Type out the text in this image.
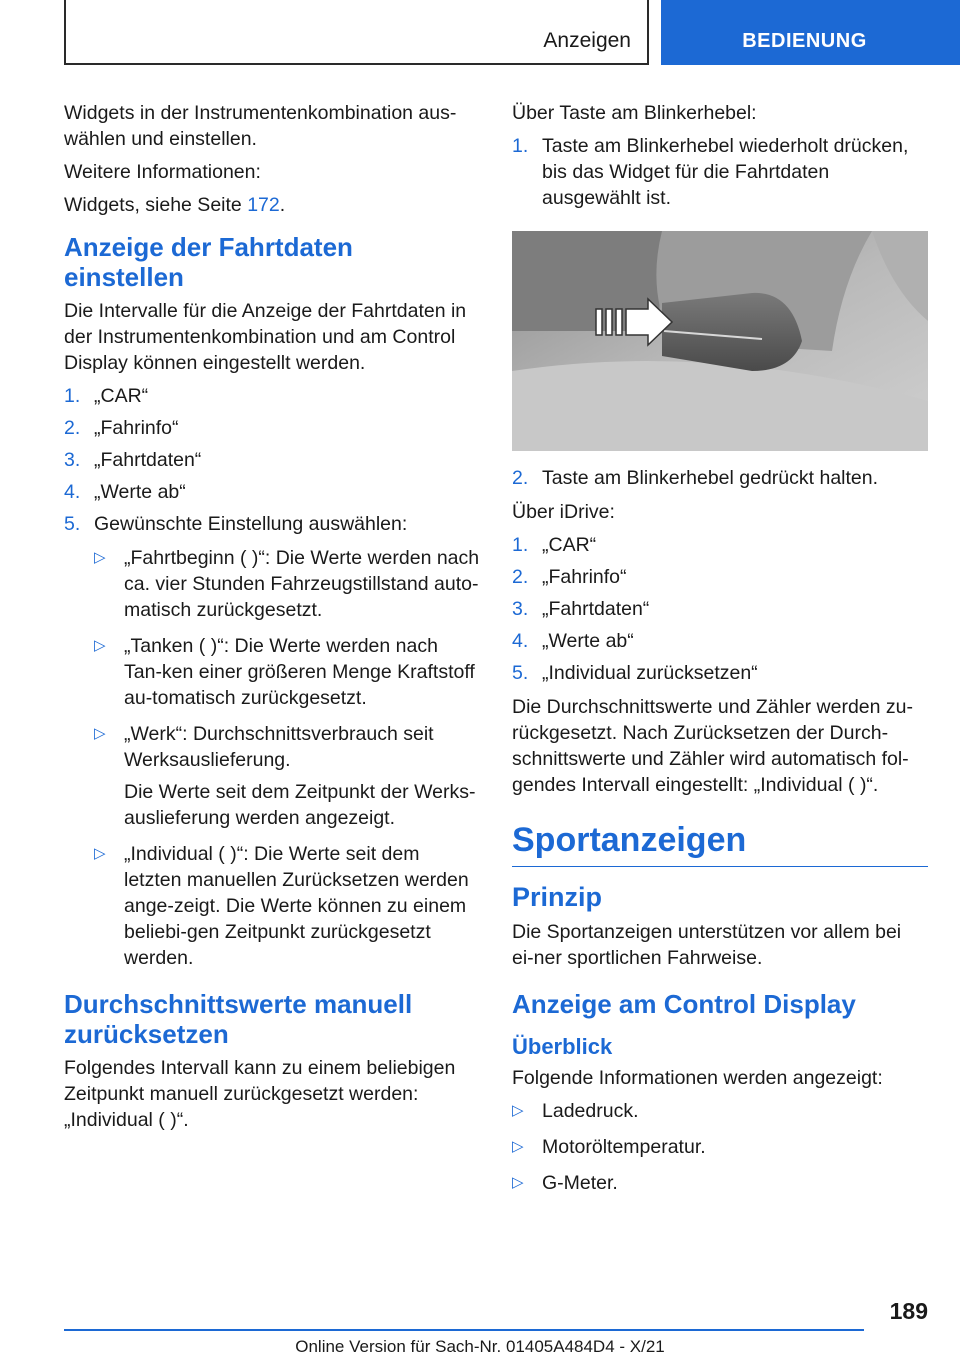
Anzeigen	BEDIENUNG

Widgets in der Instrumentenkombination aus-wählen und einstellen.

Weitere Informationen:

Widgets, siehe Seite 172.

Anzeige der Fahrtdaten einstellen

Die Intervalle für die Anzeige der Fahrtdaten in der Instrumentenkombination und am Control Display können eingestellt werden.

1. „CAR“
2. „Fahrinfo“
3. „Fahrtdaten“
4. „Werte ab“
5. Gewünschte Einstellung auswählen:
▷ „Fahrtbeginn ( )“: Die Werte werden nach ca. vier Stunden Fahrzeugstillstand auto-matisch zurückgesetzt.
▷ „Tanken ( )“: Die Werte werden nach Tan-ken einer größeren Menge Kraftstoff au-tomatisch zurückgesetzt.
▷ „Werk“: Durchschnittsverbrauch seit Werksauslieferung.
Die Werte seit dem Zeitpunkt der Werks-auslieferung werden angezeigt.
▷ „Individual ( )“: Die Werte seit dem letzten manuellen Zurücksetzen werden ange-zeigt. Die Werte können zu einem beliebi-gen Zeitpunkt zurückgesetzt werden.
Durchschnittswerte manuell zurücksetzen

Folgendes Intervall kann zu einem beliebigen Zeitpunkt manuell zurückgesetzt werden: „Individual ( )“.

Über Taste am Blinkerhebel:

1. Taste am Blinkerhebel wiederholt drücken, bis das Widget für die Fahrtdaten ausgewählt ist.
2. Taste am Blinkerhebel gedrückt halten.

Über iDrive:

1. „CAR“
2. „Fahrinfo“
3. „Fahrtdaten“
4. „Werte ab“
5. „Individual zurücksetzen“

Die Durchschnittswerte und Zähler werden zu-rückgesetzt. Nach Zurücksetzen der Durch-schnittswerte und Zähler wird automatisch fol-gendes Intervall eingestellt: „Individual ( )“.

Sportanzeigen
Prinzip

Die Sportanzeigen unterstützen vor allem bei ei-ner sportlichen Fahrweise.

Anzeige am Control Display
Überblick

Folgende Informationen werden angezeigt:

▷ Ladedruck.
▷ Motoröltemperatur.
▷ G-Meter.
189
Online Version für Sach-Nr. 01405A484D4 - X/21
